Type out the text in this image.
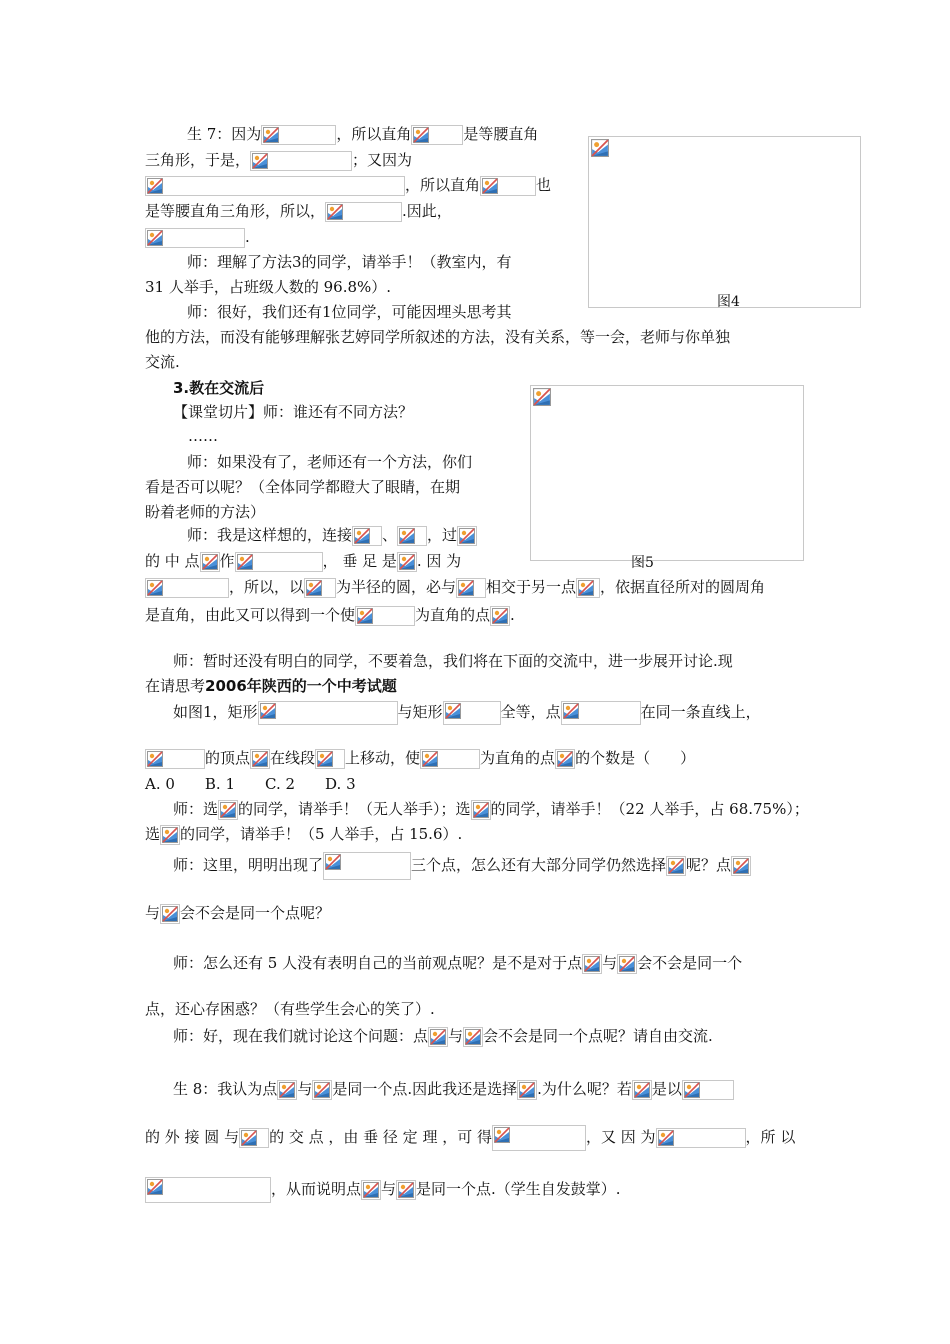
图4
图5
生 7：因为	，所以直角	是等腰直角
三角形，于是，	；又因为
，所以直角	也
是等腰直角三角形，所以，	.因此，
.
师：理解了方法3的同学，请举手！（教室内，有
31 人举手，占班级人数的 96.8%）.
师：很好，我们还有1位同学，可能因埋头思考其
他的方法，而没有能够理解张艺婷同学所叙述的方法，没有关系，等一会，老师与你单独
交流.
3.教在交流后
【课堂切片】师：谁还有不同方法？
……
师：如果没有了，老师还有一个方法，你们
看是否可以呢？（全体同学都瞪大了眼睛，在期
盼着老师的方法）
师：我是这样想的，连接 、 ，过
的 中 点 作	， 垂 足 是 . 因 为
，所以，以 为半径的圆，必与 相交于另一点 ，依据直径所对的圆周角
是直角，由此又可以得到一个使	为直角的点 .
师：暂时还没有明白的同学，不要着急，我们将在下面的交流中，进一步展开讨论.现
在请思考2006年陕西的一个中考试题
如图1，矩形	与矩形	全等，点	在同一条直线上，
的顶点 在线段 上移动，使	为直角的点 的个数是（　　）
A. 0　　B. 1　　C. 2　　D. 3
师：选 的同学，请举手！（无人举手）；选 的同学，请举手！（22 人举手，占 68.75%）；
选 的同学，请举手！（5 人举手，占 15.6）.
师：这里，明明出现了	三个点，怎么还有大部分同学仍然选择 呢？点
与 会不会是同一个点呢？
师：怎么还有 5 人没有表明自己的当前观点呢？是不是对于点 与 会不会是同一个
点，还心存困惑？（有些学生会心的笑了）.
师：好，现在我们就讨论这个问题：点 与 会不会是同一个点呢？请自由交流.
生 8：我认为点 与 是同一个点.因此我还是选择 .为什么呢？若 是以
的 外 接 圆 与 的 交 点 ，由 垂 径 定 理 ，可 得	，又 因 为	，所 以
，从而说明点 与 是同一个点.（学生自发鼓掌）.
